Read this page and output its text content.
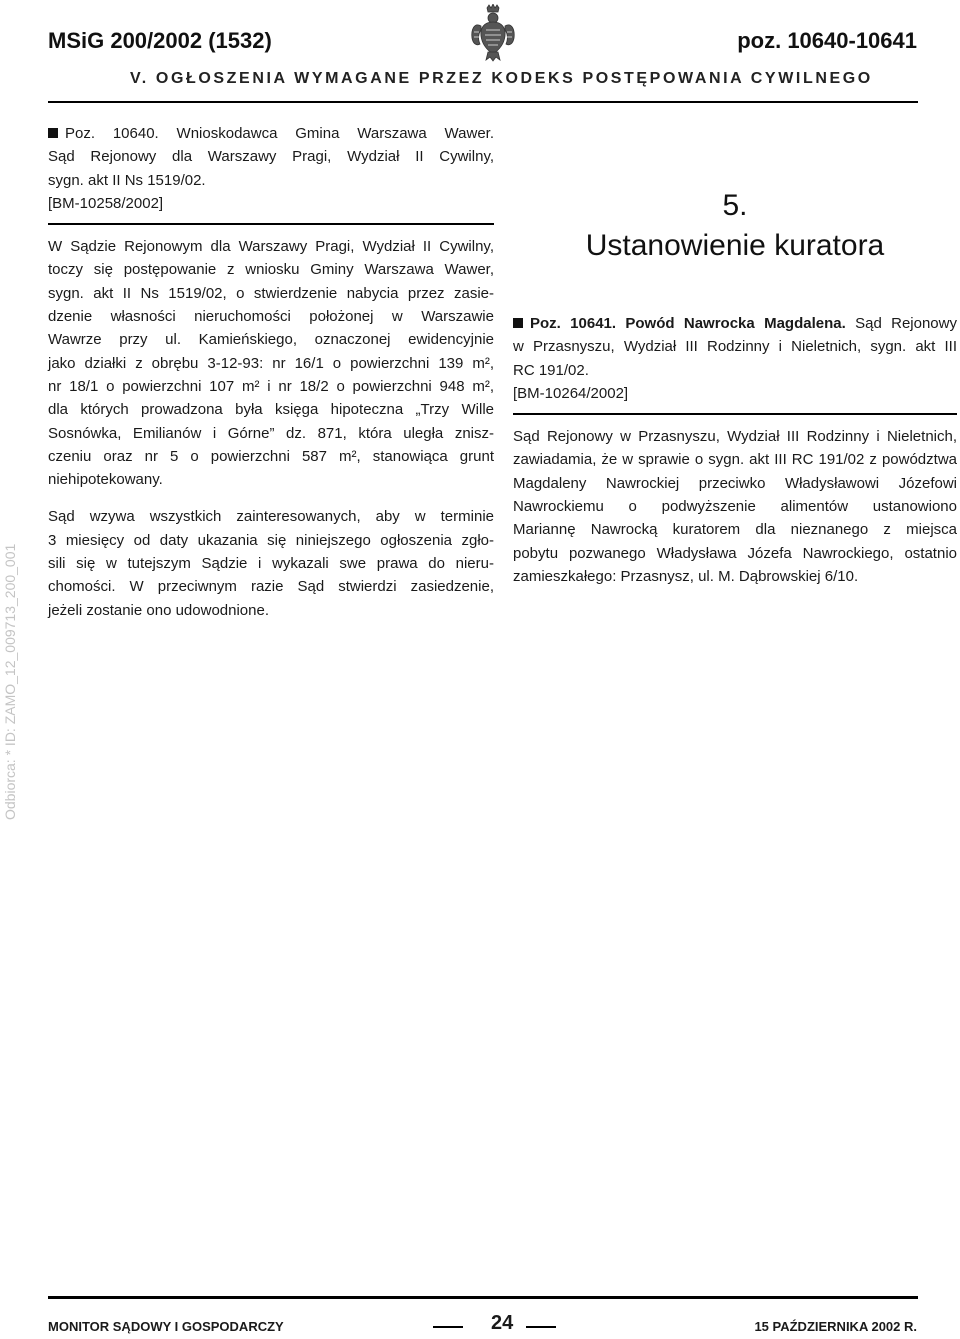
MSiG 200/2002 (1532)	poz. 10640-10641
V. OGŁOSZENIA WYMAGANE PRZEZ KODEKS POSTĘPOWANIA CYWILNEGO
Poz. 10640. Wnioskodawca Gmina Warszawa Wawer.
Sąd Rejonowy dla Warszawy Pragi, Wydział II Cywilny,
sygn. akt II Ns 1519/02.
[BM-10258/2002]
W Sądzie Rejonowym dla Warszawy Pragi, Wydział II Cywilny,
toczy się postępowanie z wniosku Gminy Warszawa Wawer,
sygn. akt II Ns 1519/02, o stwierdzenie nabycia przez zasie-
dzenie własności nieruchomości położonej w Warszawie
Wawrze przy ul. Kamieńskiego, oznaczonej ewidencyjnie
jako działki z obrębu 3-12-93: nr 16/1 o powierzchni 139 m²,
nr 18/1 o powierzchni 107 m² i nr 18/2 o powierzchni 948 m²,
dla których prowadzona była księga hipoteczna „Trzy Wille
Sosnówka, Emilianów i Górne” dz. 871, która uległa znisz-
czeniu oraz nr 5 o powierzchni 587 m², stanowiąca grunt
niehipotekowany.
Sąd wzywa wszystkich zainteresowanych, aby w terminie
3 miesięcy od daty ukazania się niniejszego ogłoszenia zgło-
sili się w tutejszym Sądzie i wykazali swe prawa do nieru-
chomości. W przeciwnym razie Sąd stwierdzi zasiedzenie,
jeżeli zostanie ono udowodnione.
5.
Ustanowienie kuratora
Poz. 10641. Powód Nawrocka Magdalena. Sąd Rejonowy
w Przasnyszu, Wydział III Rodzinny i Nieletnich, sygn. akt III
RC 191/02.
[BM-10264/2002]
Sąd Rejonowy w Przasnyszu, Wydział III Rodzinny i Nieletnich,
zawiadamia, że w sprawie o sygn. akt III RC 191/02 z powództwa
Magdaleny Nawrockiej przeciwko Władysławowi Józefowi
Nawrockiemu o podwyższenie alimentów ustanowiono
Mariannę Nawrocką kuratorem dla nieznanego z miejsca
pobytu pozwanego Władysława Józefa Nawrockiego, ostatnio
zamieszkałego: Przasnysz, ul. M. Dąbrowskiej 6/10.
Odbiorca: * ID: ZAMO_12_009713_200_001
MONITOR SĄDOWY I GOSPODARCZY	24	15 PAŹDZIERNIKA 2002 R.
